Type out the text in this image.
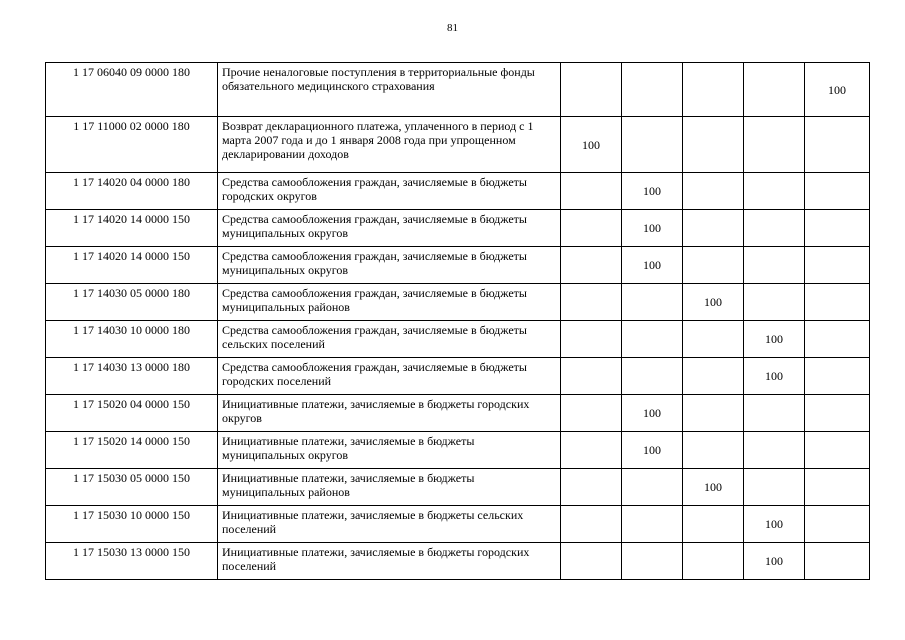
81
1 17 06040 09 0000 180	Прочие неналоговые поступления в территориальные фонды обязательного медицинского страхования					100
1 17 11000 02 0000 180	Возврат декларационного платежа, уплаченного в период с 1 марта 2007 года и до 1 января 2008 года при упрощенном декларировании доходов	100				
1 17 14020 04 0000 180	Средства самообложения граждан, зачисляемые в бюджеты городских округов		100			
1 17 14020 14 0000 150	Средства самообложения граждан, зачисляемые в бюджеты муниципальных округов		100			
1 17 14020 14 0000 150	Средства самообложения граждан, зачисляемые в бюджеты муниципальных округов		100			
1 17 14030 05 0000 180	Средства самообложения граждан, зачисляемые в бюджеты муниципальных районов			100		
1 17 14030 10 0000 180	Средства самообложения граждан, зачисляемые в бюджеты сельских поселений				100	
1 17 14030 13 0000 180	Средства самообложения граждан, зачисляемые в бюджеты городских поселений				100	
1 17 15020 04 0000 150	Инициативные платежи, зачисляемые в бюджеты городских округов		100			
1 17 15020 14 0000 150	Инициативные платежи, зачисляемые в бюджеты муниципальных округов		100			
1 17 15030 05 0000 150	Инициативные платежи, зачисляемые в бюджеты муниципальных районов			100		
1 17 15030 10 0000 150	Инициативные платежи, зачисляемые в бюджеты сельских поселений				100	
1 17 15030 13 0000 150	Инициативные платежи, зачисляемые в бюджеты городских поселений				100	
